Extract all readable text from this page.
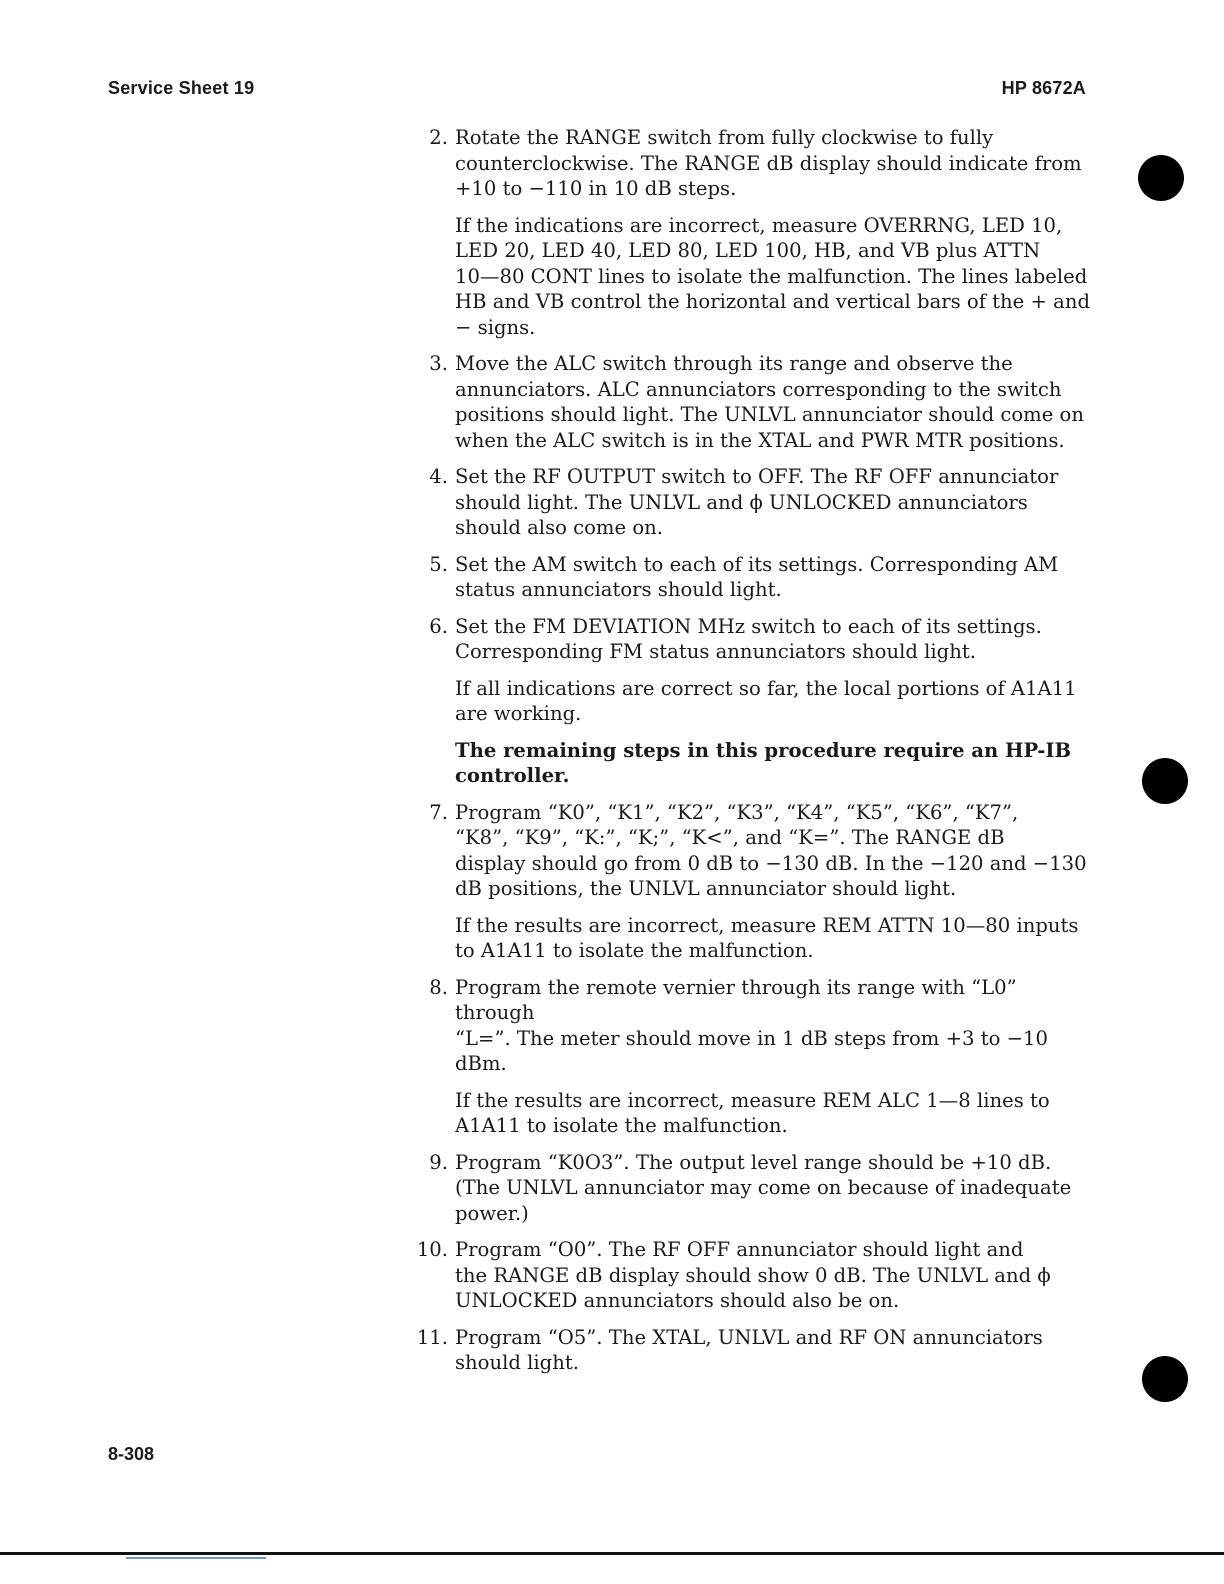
Service Sheet 19	HP 8672A
2. Rotate the RANGE switch from fully clockwise to fully
counterclockwise. The RANGE dB display should indicate from
+10 to −110 in 10 dB steps.
If the indications are incorrect, measure OVERRNG, LED 10,
LED 20, LED 40, LED 80, LED 100, HB, and VB plus ATTN
10—80 CONT lines to isolate the malfunction. The lines labeled
HB and VB control the horizontal and vertical bars of the + and
− signs.
3. Move the ALC switch through its range and observe the
annunciators. ALC annunciators corresponding to the switch
positions should light. The UNLVL annunciator should come on
when the ALC switch is in the XTAL and PWR MTR positions.
4. Set the RF OUTPUT switch to OFF. The RF OFF annunciator
should light. The UNLVL and ϕ UNLOCKED annunciators
should also come on.
5. Set the AM switch to each of its settings. Corresponding AM
status annunciators should light.
6. Set the FM DEVIATION MHz switch to each of its settings.
Corresponding FM status annunciators should light.
If all indications are correct so far, the local portions of A1A11
are working.
The remaining steps in this procedure require an HP-IB
controller.
7. Program “K0”, “K1”, “K2”, “K3”, “K4”, “K5”, “K6”, “K7”,
“K8”, “K9”, “K:”, “K;”, “K<”, and “K=”. The RANGE dB
display should go from 0 dB to −130 dB. In the −120 and −130
dB positions, the UNLVL annunciator should light.
If the results are incorrect, measure REM ATTN 10—80 inputs
to A1A11 to isolate the malfunction.
8. Program the remote vernier through its range with “L0” through
“L=”. The meter should move in 1 dB steps from +3 to −10
dBm.
If the results are incorrect, measure REM ALC 1—8 lines to
A1A11 to isolate the malfunction.
9. Program “K0O3”. The output level range should be +10 dB.
(The UNLVL annunciator may come on because of inadequate
power.)
10. Program “O0”. The RF OFF annunciator should light and
the RANGE dB display should show 0 dB. The UNLVL and ϕ
UNLOCKED annunciators should also be on.
11. Program “O5”. The XTAL, UNLVL and RF ON annunciators
should light.
8-308
